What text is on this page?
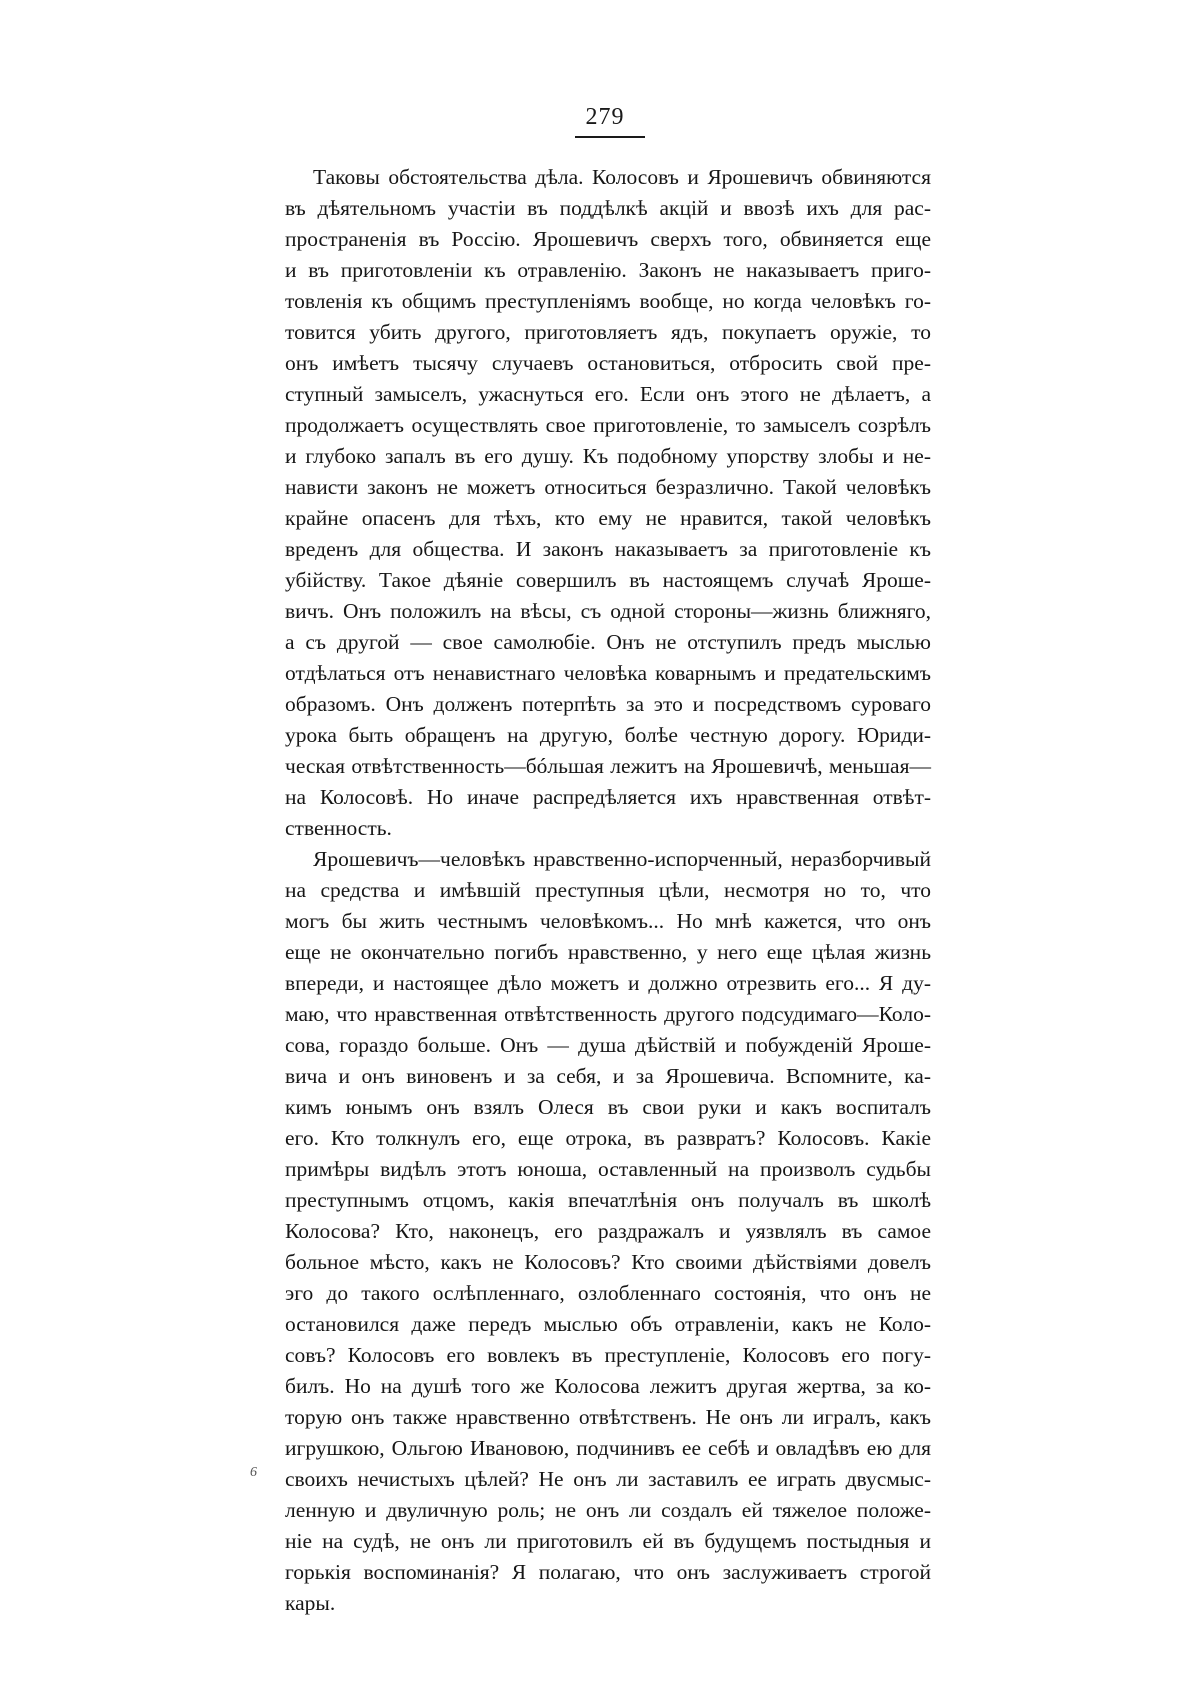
279
6
Таковы обстоятельства дѣла. Колосовъ и Ярошевичъ обвиняются
въ дѣятельномъ участіи въ поддѣлкѣ акцій и ввозѣ ихъ для рас-
пространенія въ Россію. Ярошевичъ сверхъ того, обвиняется еще
и въ приготовленіи къ отравленію. Законъ не наказываетъ приго-
товленія къ общимъ преступленіямъ вообще, но когда человѣкъ го-
товится убить другого, приготовляетъ ядъ, покупаетъ оружіе, то
онъ имѣетъ тысячу случаевъ остановиться, отбросить свой пре-
ступный замыселъ, ужаснуться его. Если онъ этого не дѣлаетъ, а
продолжаетъ осуществлять свое приготовленіе, то замыселъ созрѣлъ
и глубоко запалъ въ его душу. Къ подобному упорству злобы и не-
нависти законъ не можетъ относиться безразлично. Такой человѣкъ
крайне опасенъ для тѣхъ, кто ему не нравится, такой человѣкъ
вреденъ для общества. И законъ наказываетъ за приготовленіе къ
убійству. Такое дѣяніе совершилъ въ настоящемъ случаѣ Ярошe-
вичъ. Онъ положилъ на вѣсы, съ одной стороны—жизнь ближняго,
а съ другой — свое самолюбіе. Онъ не отступилъ предъ мыслью
отдѣлаться отъ ненавистнаго человѣка коварнымъ и предательскимъ
образомъ. Онъ долженъ потерпѣть за это и посредствомъ суроваго
урока быть обращенъ на другую, болѣе честную дорогу. Юриди-
ческая отвѣтственность—бóльшая лежитъ на Ярошевичѣ, меньшая—
на Колосовѣ. Но иначе распредѣляется ихъ нравственная отвѣт-
ственность.
Ярошевичъ—человѣкъ нравственно-испорченный, неразборчивый
на средства и имѣвшій преступныя цѣли, несмотря но то, что
могъ бы жить честнымъ человѣкомъ... Но мнѣ кажется, что онъ
еще не окончательно погибъ нравственно, у него еще цѣлая жизнь
впереди, и настоящее дѣло можетъ и должно отрезвить его... Я ду-
маю, что нравственная отвѣтственность другого подсудимаго—Коло-
сова, гораздо больше. Онъ — душа дѣйствій и побужденій Яроше-
вича и онъ виновенъ и за себя, и за Ярошевича. Вспомните, ка-
кимъ юнымъ онъ взялъ Олеся въ свои руки и какъ воспиталъ
его. Кто толкнулъ его, еще отрока, въ развратъ? Колосовъ. Какіе
примѣры видѣлъ этотъ юноша, оставленный на произволъ судьбы
преступнымъ отцомъ, какія впечатлѣнія онъ получалъ въ школѣ
Колосова? Кто, наконецъ, его раздражалъ и уязвлялъ въ самое
больное мѣсто, какъ не Колосовъ? Кто своими дѣйствіями довелъ
эго до такого ослѣпленнаго, озлобленнаго состоянія, что онъ не
остановился даже передъ мыслью объ отравленіи, какъ не Коло-
совъ? Колосовъ его вовлекъ въ преступленіе, Колосовъ его погу-
билъ. Но на душѣ того же Колосова лежитъ другая жертва, за ко-
торую онъ также нравственно отвѣтственъ. Не онъ ли игралъ, какъ
игрушкою, Ольгою Ивановою, подчинивъ ее себѣ и овладѣвъ ею для
своихъ нечистыхъ цѣлей? Не онъ ли заставилъ ее играть двусмыс-
ленную и двуличную роль; не онъ ли создалъ ей тяжелое положе-
ніе на судѣ, не онъ ли приготовилъ ей въ будущемъ постыдныя и
горькія воспоминанія? Я полагаю, что онъ заслуживаетъ строгой
кары.
